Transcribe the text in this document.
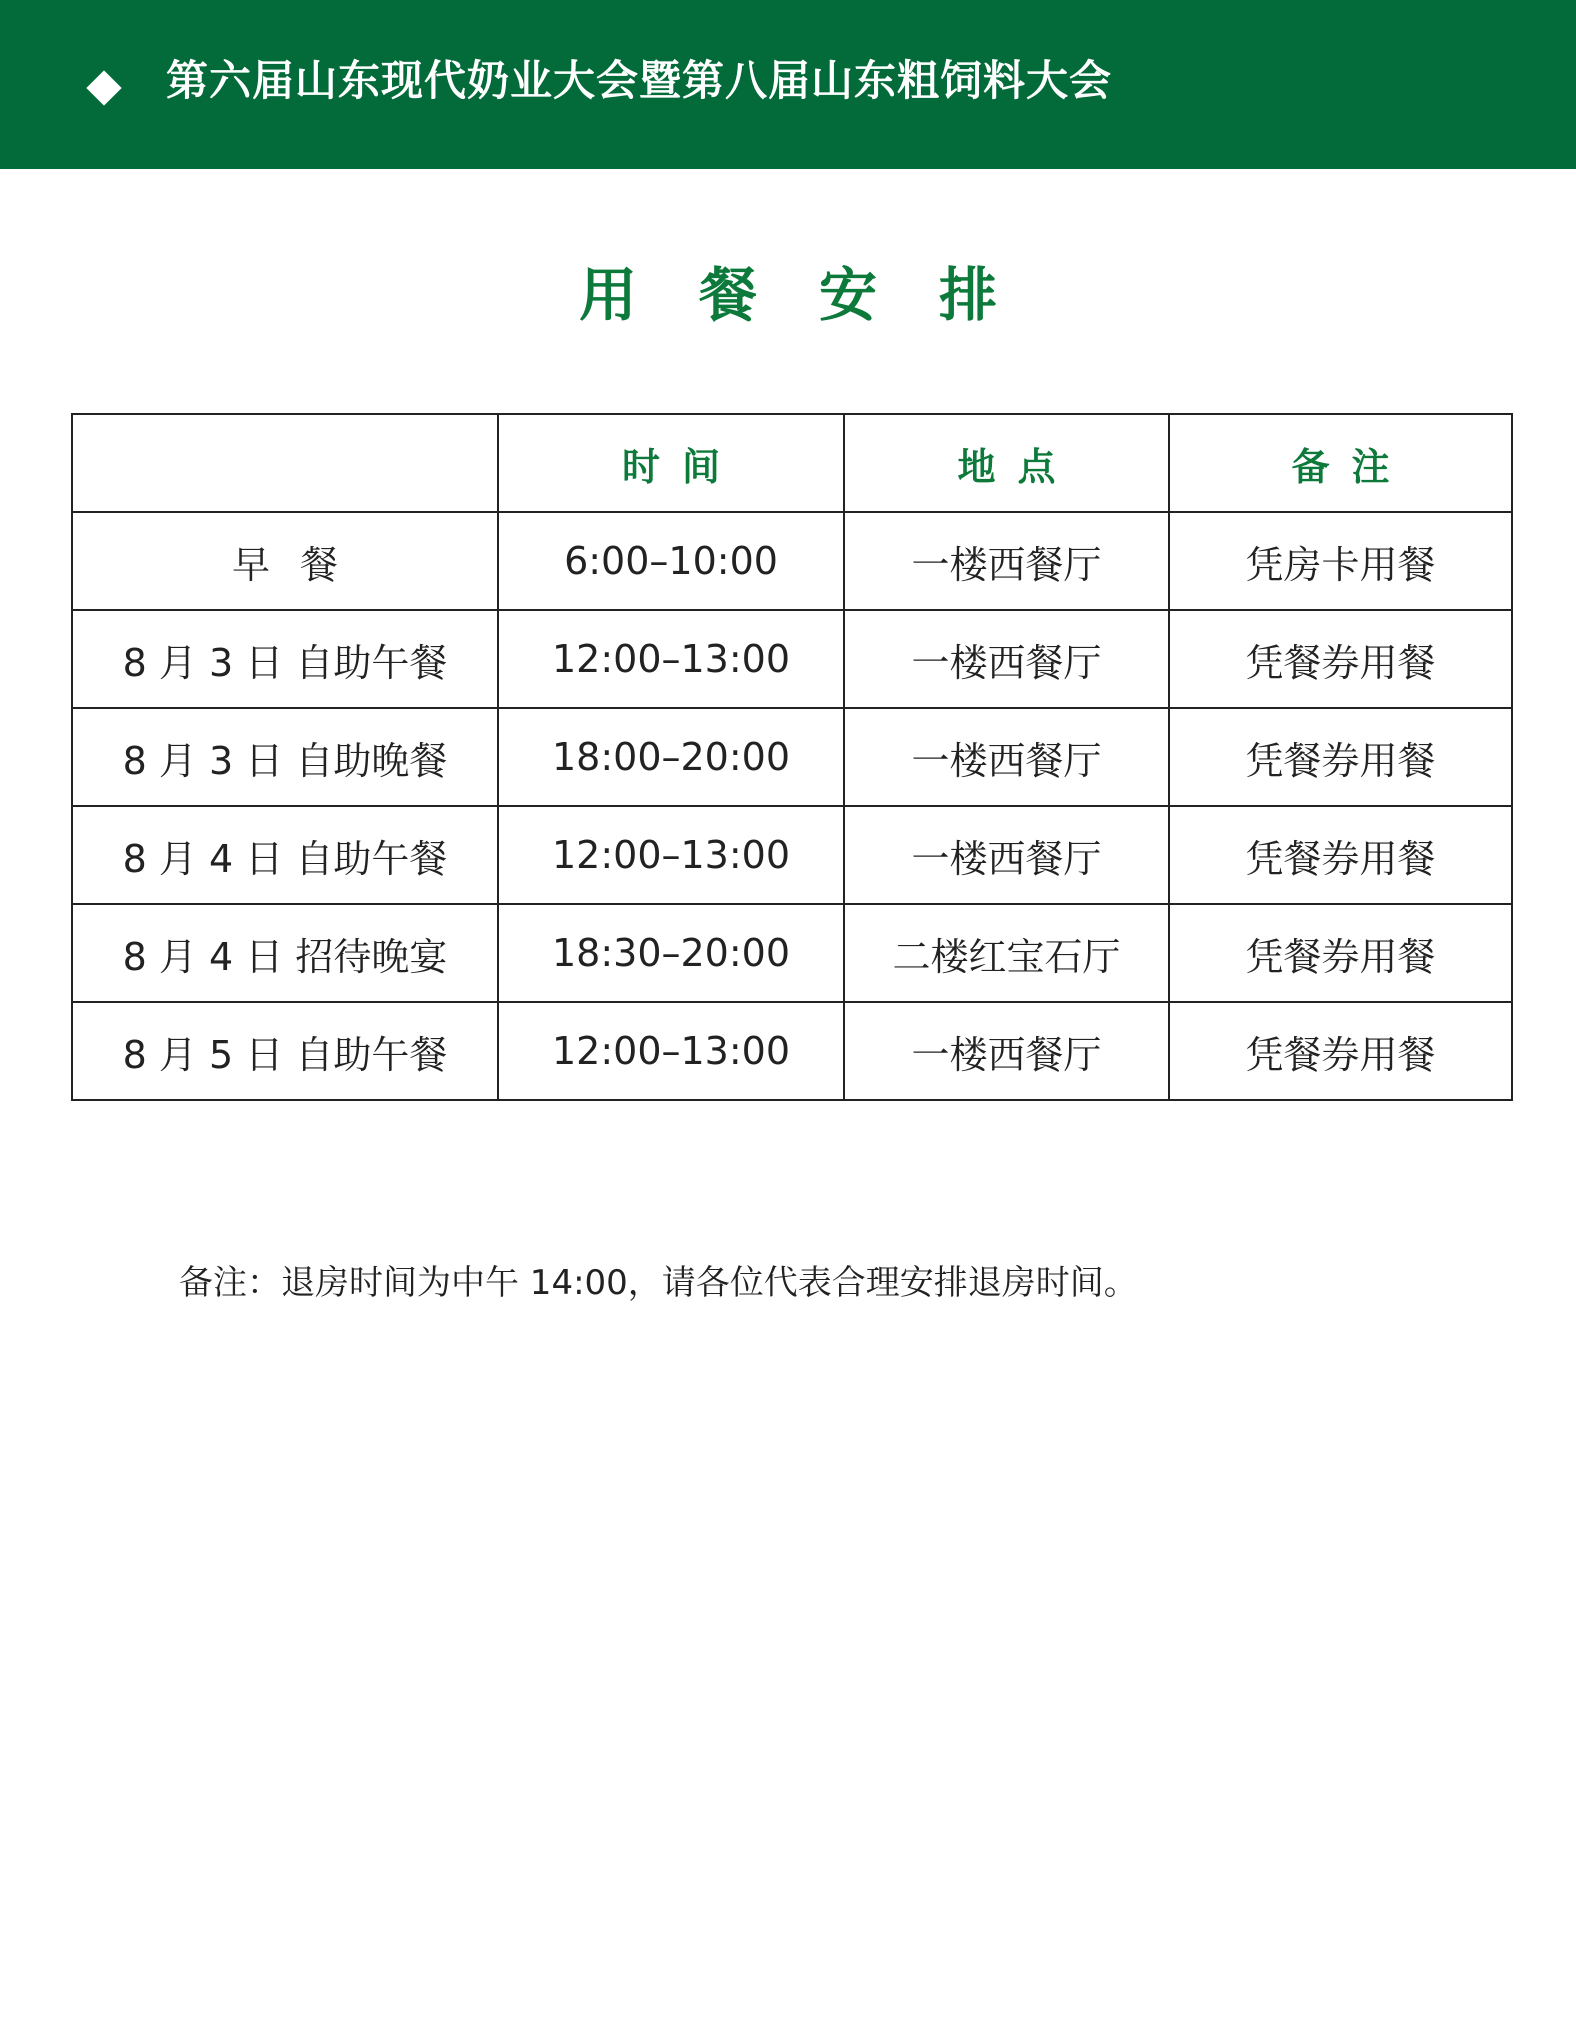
第六届山东现代奶业大会暨第八届山东粗饲料大会
用餐安排
	时间	地点	备注
早餐	6:00–10:00	一楼西餐厅	凭房卡用餐
8 月 3 日 自助午餐	12:00–13:00	一楼西餐厅	凭餐券用餐
8 月 3 日 自助晚餐	18:00–20:00	一楼西餐厅	凭餐券用餐
8 月 4 日 自助午餐	12:00–13:00	一楼西餐厅	凭餐券用餐
8 月 4 日 招待晚宴	18:30–20:00	二楼红宝石厅	凭餐券用餐
8 月 5 日 自助午餐	12:00–13:00	一楼西餐厅	凭餐券用餐
备注：退房时间为中午 14:00，请各位代表合理安排退房时间。
